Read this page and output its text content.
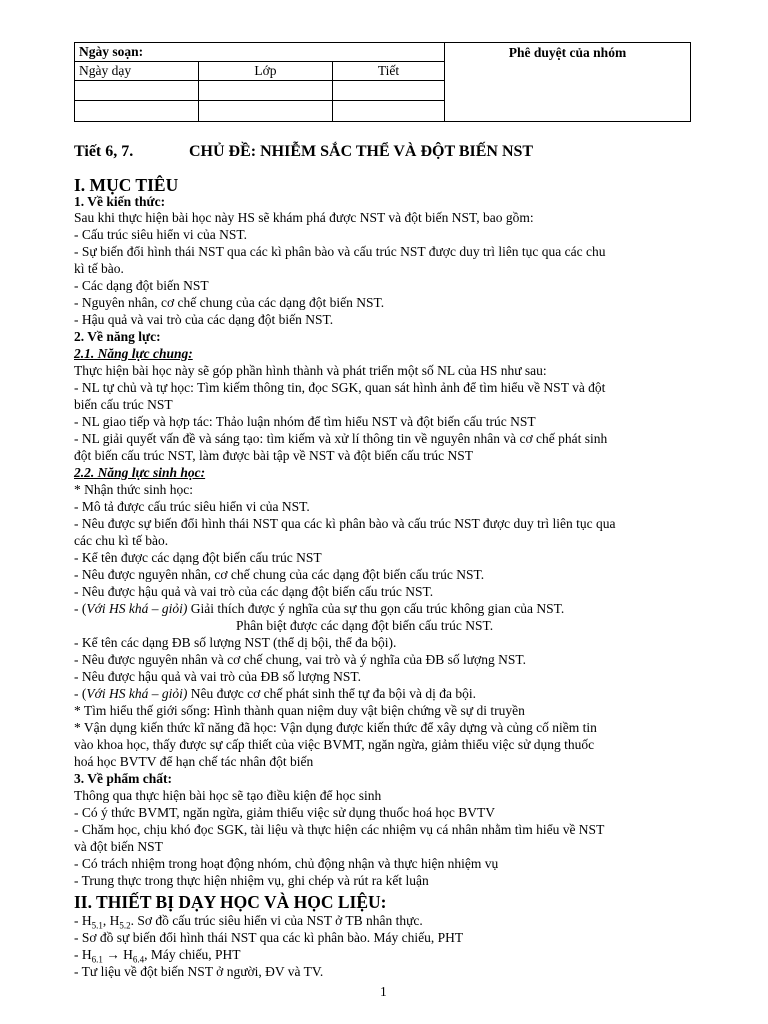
Ngày soạn:			Phê duyệt của nhóm
Ngày dạy	Lớp	Tiết	

Tiết 6, 7.	CHỦ ĐỀ: NHIỄM SẮC THỂ VÀ ĐỘT BIẾN NST
I. MỤC TIÊU
1. Về kiến thức:
Sau khi thực hiện bài học này HS sẽ khám phá được NST và đột biến NST, bao gồm:
- Cấu trúc siêu hiển vi của NST.
- Sự biến đổi hình thái NST qua các kì phân bào và cấu trúc NST được duy trì liên tục qua các chu
kì tế bào.
- Các dạng đột biến NST
- Nguyên nhân, cơ chế chung của các dạng đột biến NST.
- Hậu quả và vai trò của các dạng đột biến NST.
2. Về năng lực:
2.1. Năng lực chung:
Thực hiện bài học này sẽ góp phần hình thành và phát triển một số NL của HS như sau:
- NL tự chủ và tự học: Tìm kiếm thông tin, đọc SGK, quan sát hình ảnh để tìm hiểu về NST và đột
biến cấu trúc NST
- NL giao tiếp và hợp tác: Thảo luận nhóm để tìm hiểu NST và đột biến cấu trúc NST
- NL giải quyết vấn đề và sáng tạo: tìm kiếm và xử lí thông tin về nguyên nhân và cơ chế phát sinh
đột biến cấu trúc NST, làm được bài tập về NST và đột biến cấu trúc NST
2.2. Năng lực sinh học:
* Nhận thức sinh học:
- Mô tả được cấu trúc siêu hiển vi của NST.
- Nêu được sự biến đổi hình thái NST qua các kì phân bào và cấu trúc NST được duy trì liên tục qua
các chu kì tế bào.
- Kể tên được các dạng đột biến cấu trúc NST
- Nêu được nguyên nhân, cơ chế chung của các dạng đột biến cấu trúc NST.
- Nêu được hậu quả và vai trò của các dạng đột biến cấu trúc NST.
- (Với HS khá – giỏi) Giải thích được ý nghĩa của sự thu gọn cấu trúc không gian của NST.
Phân biệt được các dạng đột biến cấu trúc NST.
- Kể tên các dạng ĐB số lượng NST (thể dị bội, thể đa bội).
- Nêu được nguyên nhân và cơ chế chung, vai trò và ý nghĩa của ĐB số lượng NST.
- Nêu được hậu quả và vai trò của ĐB số lượng NST.
- (Với HS khá – giỏi) Nêu được cơ chế phát sinh thể tự đa bội và dị đa bội.
* Tìm hiểu thế giới sống: Hình thành quan niệm duy vật biện chứng về sự di truyền
* Vận dụng kiến thức kĩ năng đã học: Vận dụng được kiến thức để xây dựng và củng cố niềm tin
vào khoa học, thấy được sự cấp thiết của việc BVMT, ngăn ngừa, giảm thiểu việc sử dụng thuốc
hoá học BVTV để hạn chế tác nhân đột biến
3. Về phẩm chất:
Thông qua thực hiện bài học sẽ tạo điều kiện để học sinh
- Có ý thức BVMT, ngăn ngừa, giảm thiểu việc sử dụng thuốc hoá học BVTV
- Chăm học, chịu khó đọc SGK, tài liệu và thực hiện các nhiệm vụ cá nhân nhằm tìm hiểu về NST
và đột biến NST
- Có trách nhiệm trong hoạt động nhóm, chủ động nhận và thực hiện nhiệm vụ
- Trung thực trong thực hiện nhiệm vụ, ghi chép và rút ra kết luận
II. THIẾT BỊ DẠY HỌC VÀ HỌC LIỆU:
- $H_{5.1}$, $H_{5.2}$. Sơ đồ cấu trúc siêu hiển vi của NST ở TB nhân thực.
- Sơ đồ sự biến đổi hình thái NST qua các kì phân bào. Máy chiếu, PHT
- $H_{6.1} \to H_{6.4}$, Máy chiếu, PHT
- Tư liệu về đột biến NST ở người, ĐV và TV.
1
